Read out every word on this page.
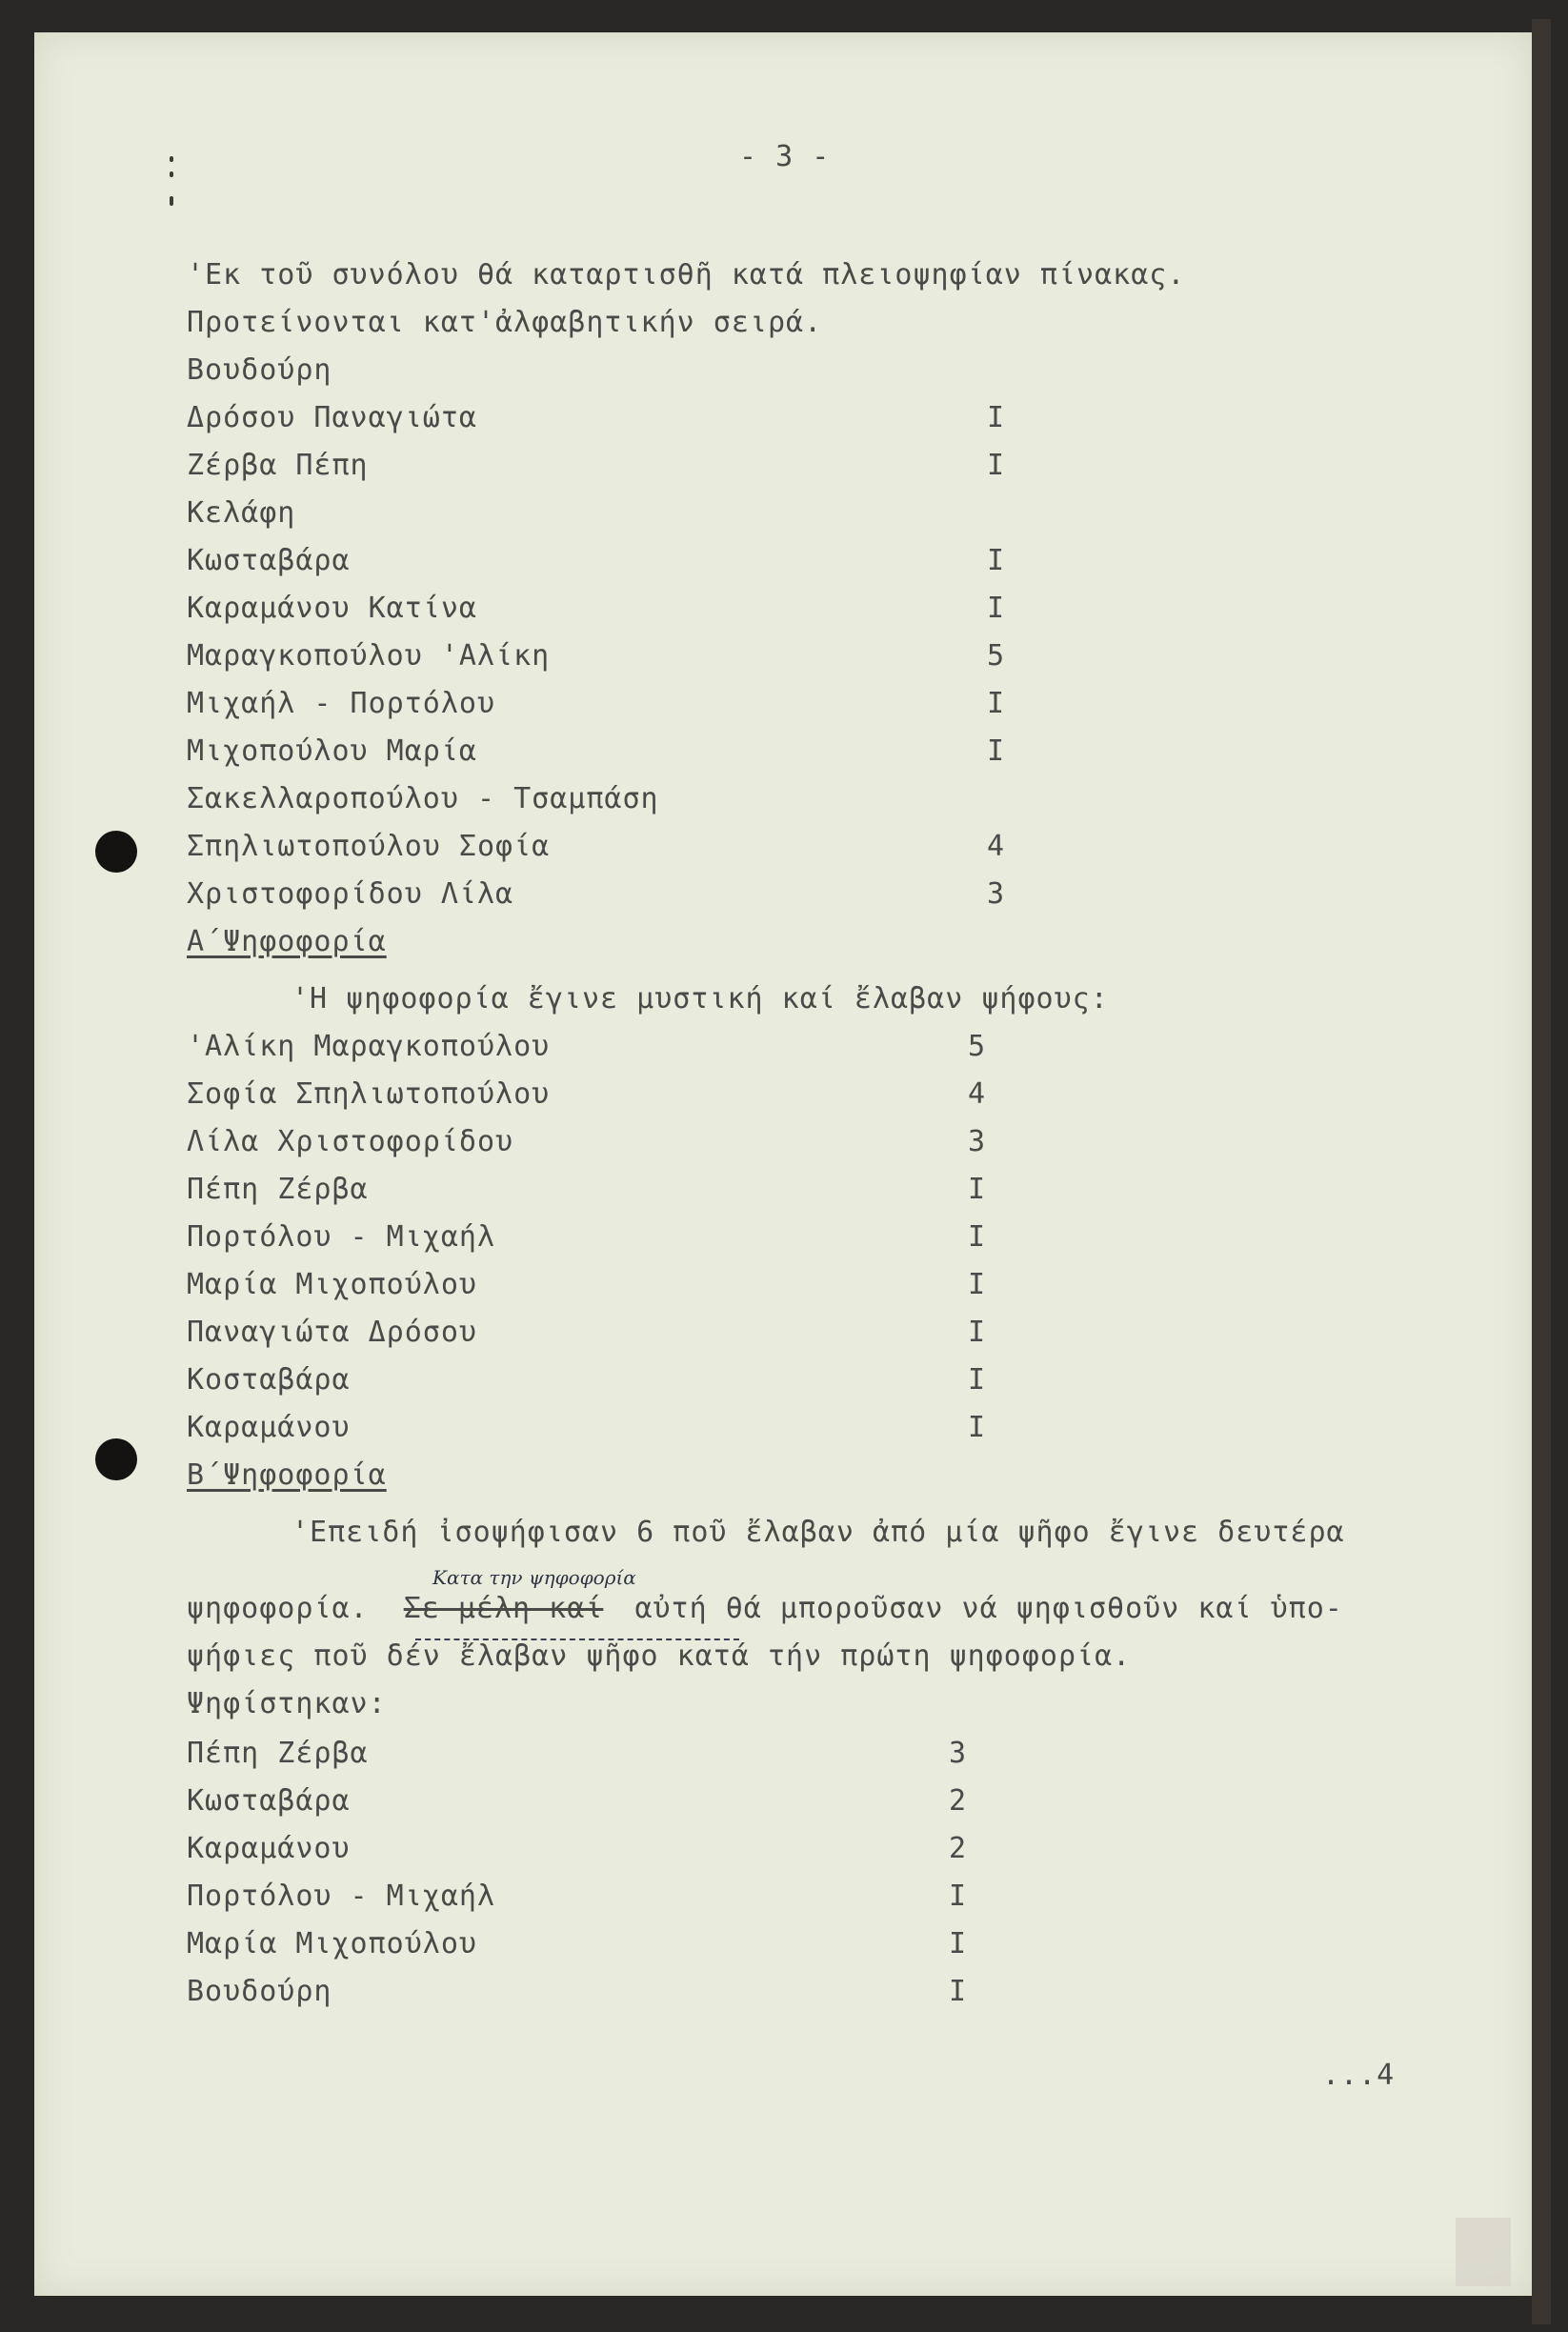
- 3 -
'Εκ τοῦ συνόλου θά καταρτισθῆ κατά πλειοψηφίαν πίνακας.
Προτείνονται κατ'ἀλφαβητικήν σειρά.
Βουδούρη
Δρόσου Παναγιώτα	I
Ζέρβα Πέπη	I
Κελάφη
Κωσταβάρα	I
Καραμάνου Κατίνα	I
Μαραγκοπούλου 'Αλίκη	5
Μιχαήλ - Πορτόλου	I
Μιχοπούλου Μαρία	I
Σακελλαροπούλου - Τσαμπάση
Σπηλιωτοπούλου Σοφία	4
Χριστοφορίδου Λίλα	3
Α΄Ψηφοφορία
'Η ψηφοφορία ἔγινε μυστική καί ἔλαβαν ψήφους:
'Αλίκη Μαραγκοπούλου	5
Σοφία Σπηλιωτοπούλου	4
Λίλα Χριστοφορίδου	3
Πέπη Ζέρβα	I
Πορτόλου - Μιχαήλ	I
Μαρία Μιχοπούλου	I
Παναγιώτα Δρόσου	I
Κοσταβάρα	I
Καραμάνου	I
Β΄Ψηφοφορία
'Επειδή ἰσοψήφισαν 6 ποῦ ἔλαβαν ἀπό μία ψῆφο ἔγινε δευτέρα
Κατα την ψηφοφορία
ψηφοφορία. Σε μέλη καί αὐτή θά μποροῦσαν νά ψηφισθοῦν καί ὑπο-
ψήφιες ποῦ δέν ἔλαβαν ψῆφο κατά τήν πρώτη ψηφοφορία.
Ψηφίστηκαν:
Πέπη Ζέρβα	3
Κωσταβάρα	2
Καραμάνου	2
Πορτόλου - Μιχαήλ	I
Μαρία Μιχοπούλου	I
Βουδούρη	I
...4
